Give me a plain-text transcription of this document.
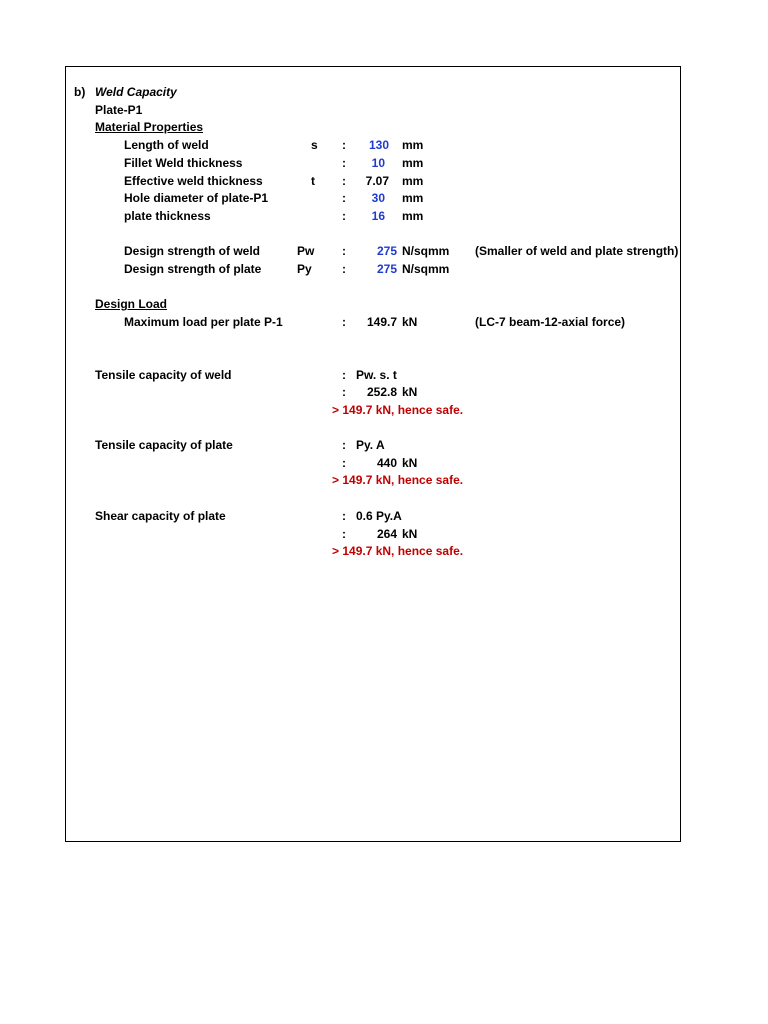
b) Weld Capacity
Plate-P1
Material Properties
Length of weld	s :	130 mm
Fillet Weld thickness	:	10 mm
Effective weld thickness	t :	7.07 mm
Hole diameter of plate-P1	:	30 mm
plate thickness	:	16 mm
Design strength of weld	Pw :	275 N/sqmm (Smaller of weld and plate strength)
Design strength of plate	Py	:	275 N/sqmm
Design Load
Maximum load per plate P-1	:	149.7 kN	(LC-7 beam-12-axial force)
Tensile capacity of weld	: Pw. s. t
:	252.8 kN
> 149.7 kN, hence safe.
Tensile capacity of plate	: Py. A
:	440 kN
> 149.7 kN, hence safe.
Shear capacity of plate	: 0.6 Py.A
:	264 kN
> 149.7 kN, hence safe.
